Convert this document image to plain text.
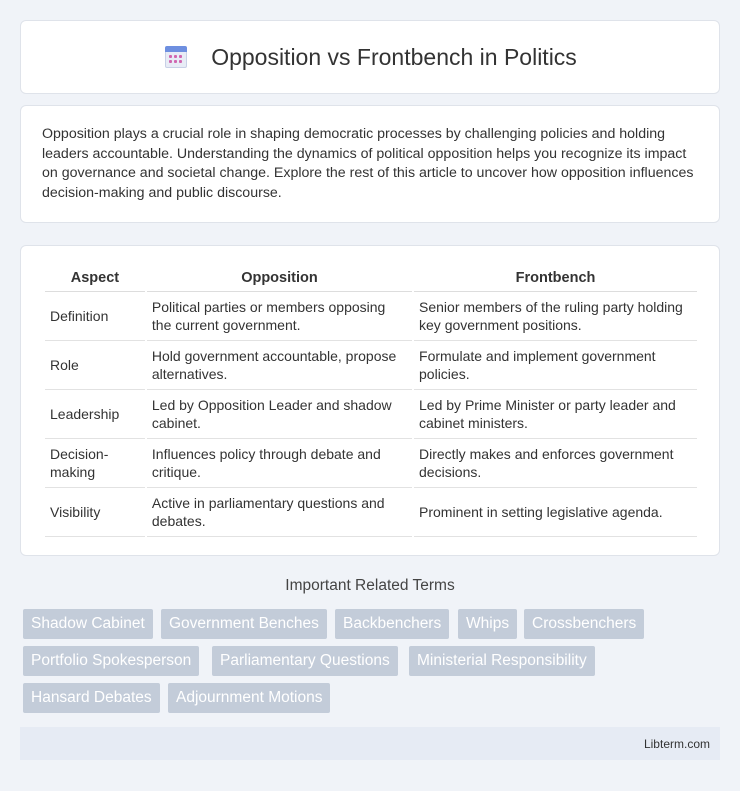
Opposition vs Frontbench in Politics
Opposition plays a crucial role in shaping democratic processes by challenging policies and holding leaders accountable. Understanding the dynamics of political opposition helps you recognize its impact on governance and societal change. Explore the rest of this article to uncover how opposition influences decision-making and public discourse.
Aspect	Opposition	Frontbench
Definition	Political parties or members opposing the current government.	Senior members of the ruling party holding key government positions.
Role	Hold government accountable, propose alternatives.	Formulate and implement government policies.
Leadership	Led by Opposition Leader and shadow cabinet.	Led by Prime Minister or party leader and cabinet ministers.
Decision-making	Influences policy through debate and critique.	Directly makes and enforces government decisions.
Visibility	Active in parliamentary questions and debates.	Prominent in setting legislative agenda.
Important Related Terms
Shadow Cabinet	Government Benches	Backbenchers	Whips	Crossbenchers
Portfolio Spokesperson	Parliamentary Questions	Ministerial Responsibility
Hansard Debates	Adjournment Motions
Libterm.com
